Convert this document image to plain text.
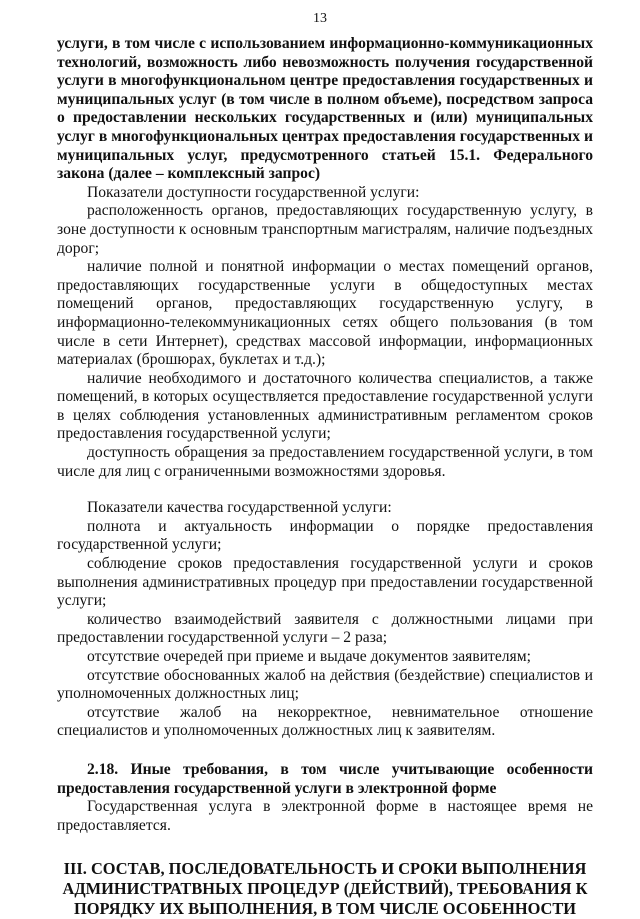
13

услуги, в том числе с использованием информационно-коммуникационных технологий, возможность либо невозможность получения государственной услуги в многофункциональном центре предоставления государственных и муниципальных услуг (в том числе в полном объеме), посредством запроса о предоставлении нескольких государственных и (или) муниципальных услуг в многофункциональных центрах предоставления государственных и муниципальных услуг, предусмотренного статьей 15.1. Федерального закона (далее – комплексный запрос)

Показатели доступности государственной услуги:

расположенность органов, предоставляющих государственную услугу, в зоне доступности к основным транспортным магистралям, наличие подъездных дорог;

наличие полной и понятной информации о местах помещений органов, предоставляющих государственные услуги в общедоступных местах помещений органов, предоставляющих государственную услугу, в информационно-телекоммуникационных сетях общего пользования (в том числе в сети Интернет), средствах массовой информации, информационных материалах (брошюрах, буклетах и т.д.);

наличие необходимого и достаточного количества специалистов, а также помещений, в которых осуществляется предоставление государственной услуги в целях соблюдения установленных административным регламентом сроков предоставления государственной услуги;

доступность обращения за предоставлением государственной услуги, в том числе для лиц с ограниченными возможностями здоровья.

Показатели качества государственной услуги:

полнота и актуальность информации о порядке предоставления государственной услуги;

соблюдение сроков предоставления государственной услуги и сроков выполнения административных процедур при предоставлении государственной услуги;

количество взаимодействий заявителя с должностными лицами при предоставлении государственной услуги – 2 раза;

отсутствие очередей при приеме и выдаче документов заявителям;

отсутствие обоснованных жалоб на действия (бездействие) специалистов и уполномоченных должностных лиц;

отсутствие жалоб на некорректное, невнимательное отношение специалистов и уполномоченных должностных лиц к заявителям.

2.18. Иные требования, в том числе учитывающие особенности предоставления государственной услуги в электронной форме

Государственная услуга в электронной форме в настоящее время не предоставляется.

III. СОСТАВ, ПОСЛЕДОВАТЕЛЬНОСТЬ И СРОКИ ВЫПОЛНЕНИЯ АДМИНИСТРАТВНЫХ ПРОЦЕДУР (ДЕЙСТВИЙ), ТРЕБОВАНИЯ К ПОРЯДКУ ИХ ВЫПОЛНЕНИЯ, В ТОМ ЧИСЛЕ ОСОБЕННОСТИ
